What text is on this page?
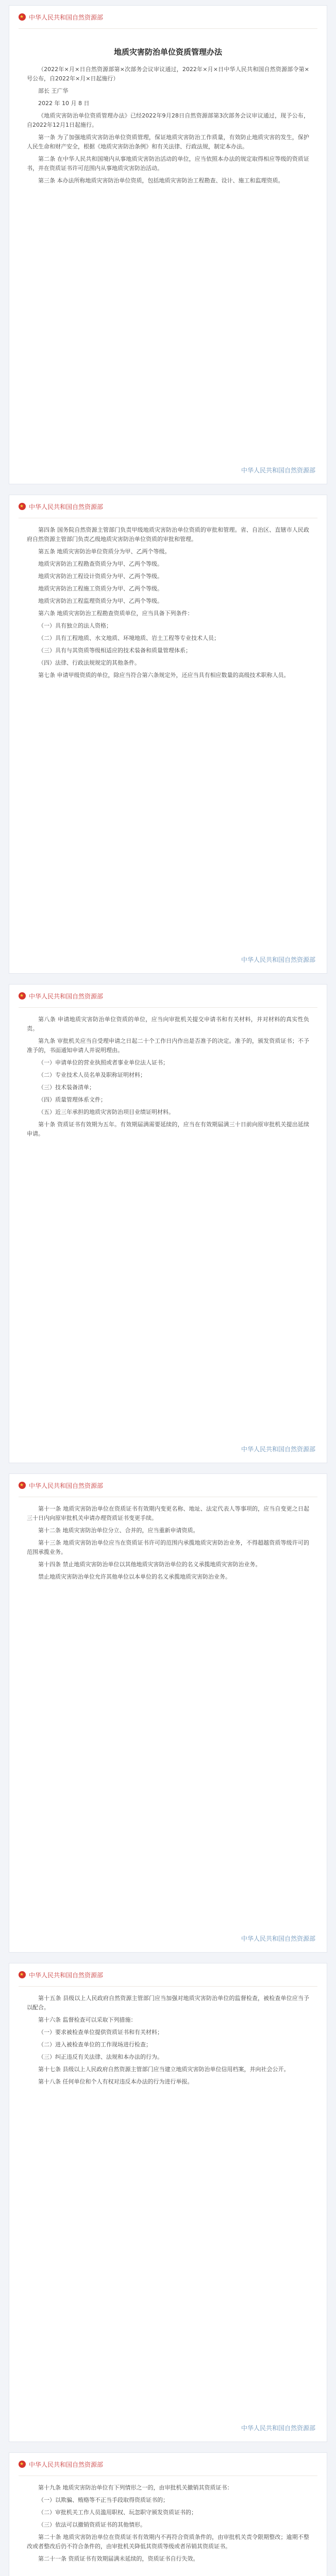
★
中华人民共和国自然资源部
地质灾害防治单位资质管理办法

（2022年×月×日自然资源部第×次部务会议审议通过，2022年×月×日中华人民共和国自然资源部令第×号公布，自2022年×月×日起施行）

部长 王广华

2022 年 10 月 8 日

《地质灾害防治单位资质管理办法》已经2022年9月28日自然资源部第3次部务会议审议通过，现予公布，自2022年12月1日起施行。

第一条 为了加强地质灾害防治单位资质管理，保证地质灾害防治工作质量，有效防止地质灾害的发生，保护人民生命和财产安全，根据《地质灾害防治条例》和有关法律、行政法规，制定本办法。

第二条 在中华人民共和国境内从事地质灾害防治活动的单位，应当依照本办法的规定取得相应等级的资质证书，并在资质证书许可范围内从事地质灾害防治活动。

第三条 本办法所称地质灾害防治单位资质，包括地质灾害防治工程勘查、设计、施工和监理资质。

中华人民共和国自然资源部
★
中华人民共和国自然资源部

第四条 国务院自然资源主管部门负责甲级地质灾害防治单位资质的审批和管理。省、自治区、直辖市人民政府自然资源主管部门负责乙级地质灾害防治单位资质的审批和管理。

第五条 地质灾害防治单位资质分为甲、乙两个等级。

地质灾害防治工程勘查资质分为甲、乙两个等级。

地质灾害防治工程设计资质分为甲、乙两个等级。

地质灾害防治工程施工资质分为甲、乙两个等级。

地质灾害防治工程监理资质分为甲、乙两个等级。

第六条 地质灾害防治工程勘查资质单位，应当具备下列条件：

（一）具有独立的法人资格；

（二）具有工程地质、水文地质、环境地质、岩土工程等专业技术人员；

（三）具有与其资质等级相适应的技术装备和质量管理体系；

（四）法律、行政法规规定的其他条件。

第七条 申请甲级资质的单位，除应当符合第六条规定外，还应当具有相应数量的高级技术职称人员。

中华人民共和国自然资源部
★
中华人民共和国自然资源部

第八条 申请地质灾害防治单位资质的单位，应当向审批机关提交申请书和有关材料，并对材料的真实性负责。

第九条 审批机关应当自受理申请之日起二十个工作日内作出是否准予的决定。准予的，颁发资质证书；不予准予的，书面通知申请人并说明理由。

（一）申请单位的营业执照或者事业单位法人证书；

（二）专业技术人员名单及职称证明材料；

（三）技术装备清单；

（四）质量管理体系文件；

（五）近三年承担的地质灾害防治项目业绩证明材料。

第十条 资质证书有效期为五年。有效期届满需要延续的，应当在有效期届满三十日前向原审批机关提出延续申请。

中华人民共和国自然资源部
★
中华人民共和国自然资源部

第十一条 地质灾害防治单位在资质证书有效期内变更名称、地址、法定代表人等事项的，应当自变更之日起三十日内向原审批机关申请办理资质证书变更手续。

第十二条 地质灾害防治单位分立、合并的，应当重新申请资质。

第十三条 地质灾害防治单位应当在资质证书许可的范围内承揽地质灾害防治业务，不得超越资质等级许可的范围承揽业务。

第十四条 禁止地质灾害防治单位以其他地质灾害防治单位的名义承揽地质灾害防治业务。

禁止地质灾害防治单位允许其他单位以本单位的名义承揽地质灾害防治业务。

中华人民共和国自然资源部
★
中华人民共和国自然资源部

第十五条 县级以上人民政府自然资源主管部门应当加强对地质灾害防治单位的监督检查，被检查单位应当予以配合。

第十六条 监督检查可以采取下列措施：

（一）要求被检查单位提供资质证书和有关材料；

（二）进入被检查单位的工作现场进行检查；

（三）纠正违反有关法律、法规和本办法的行为。

第十七条 县级以上人民政府自然资源主管部门应当建立地质灾害防治单位信用档案，并向社会公开。

第十八条 任何单位和个人有权对违反本办法的行为进行举报。

中华人民共和国自然资源部
★
中华人民共和国自然资源部

第十九条 地质灾害防治单位有下列情形之一的，由审批机关撤销其资质证书：

（一）以欺骗、贿赂等不正当手段取得资质证书的；

（二）审批机关工作人员滥用职权、玩忽职守颁发资质证书的；

（三）依法可以撤销资质证书的其他情形。

第二十条 地质灾害防治单位在资质证书有效期内不再符合资质条件的，由审批机关责令限期整改；逾期不整改或者整改后仍不符合条件的，由审批机关降低其资质等级或者吊销其资质证书。

第二十一条 资质证书有效期届满未延续的，资质证书自行失效。
